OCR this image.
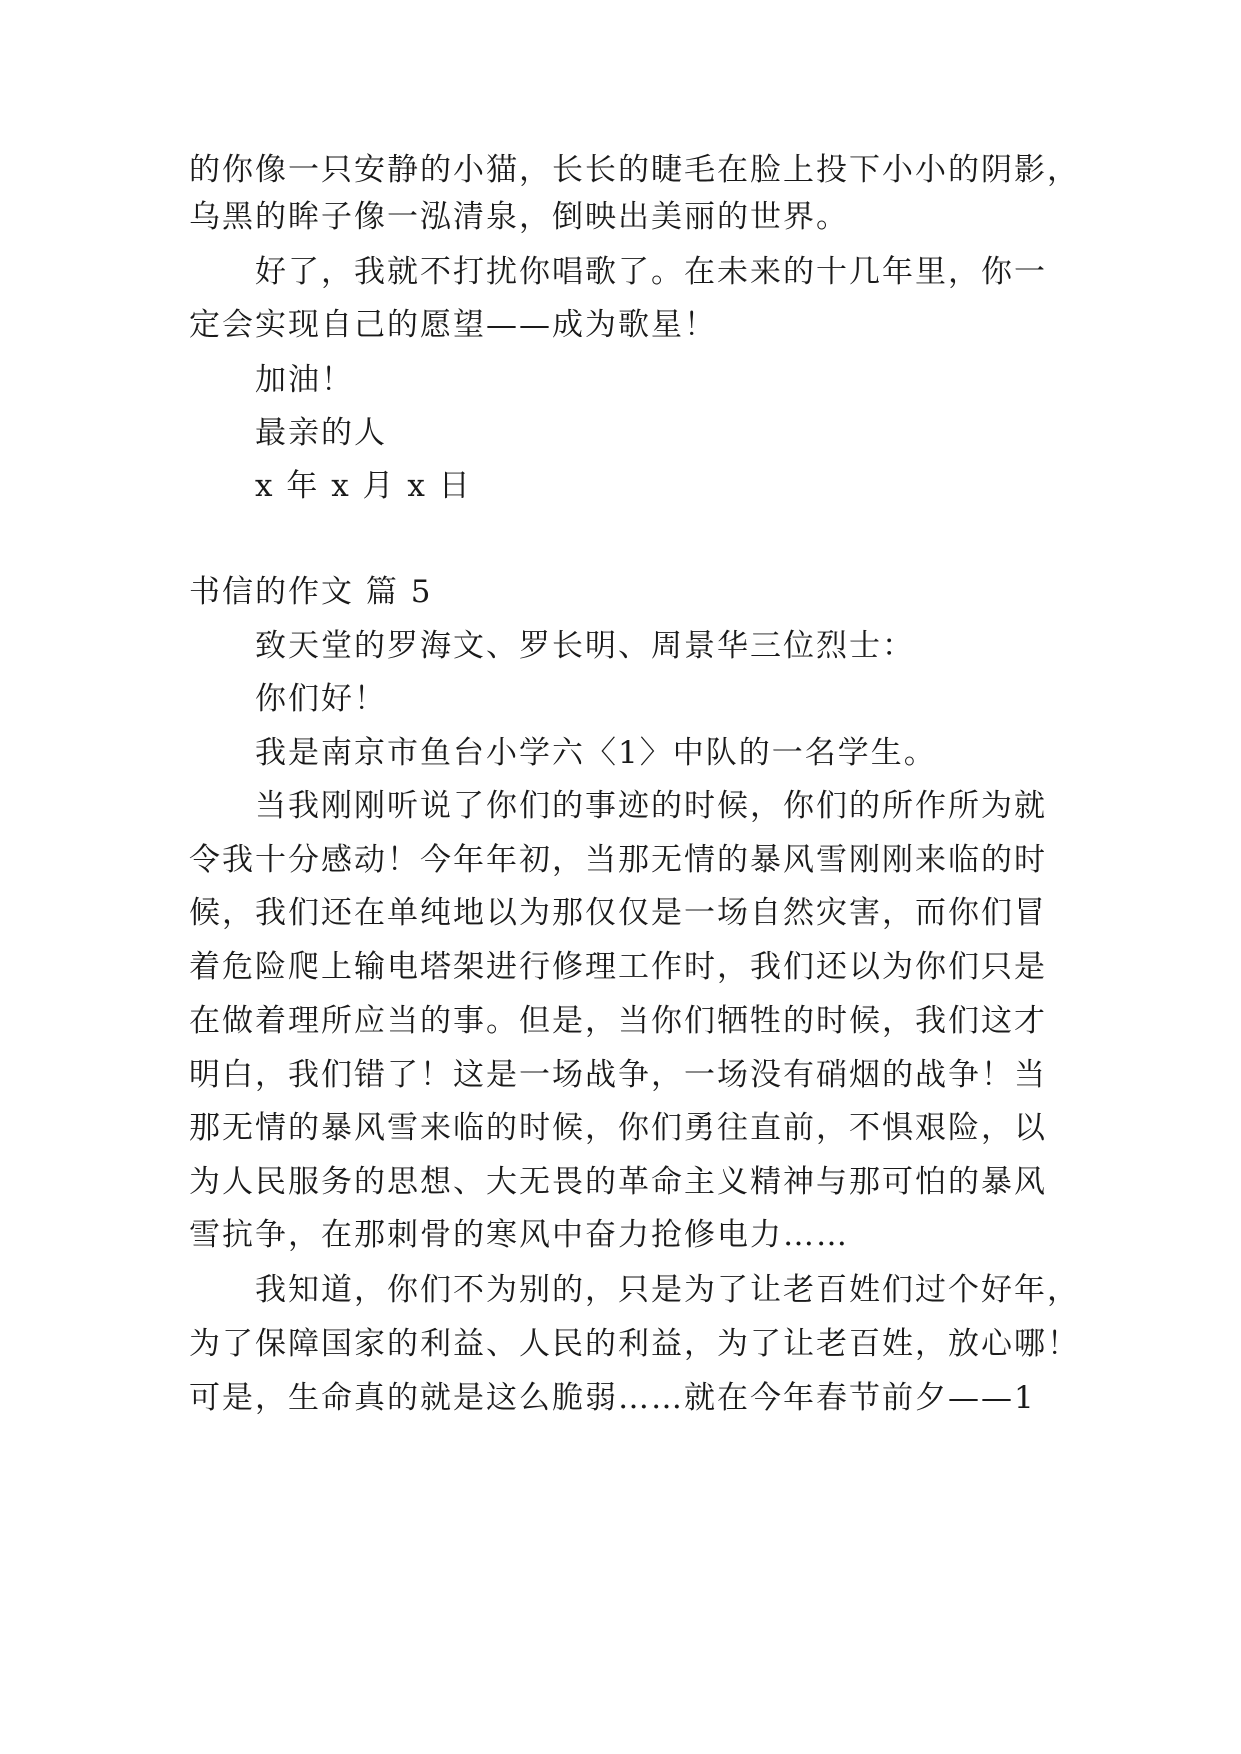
的你像一只安静的小猫，长长的睫毛在脸上投下小小的阴影，
乌黑的眸子像一泓清泉，倒映出美丽的世界。
好了，我就不打扰你唱歌了。在未来的十几年里，你一
定会实现自己的愿望——成为歌星！
加油！
最亲的人
x 年 x 月 x 日
书信的作文 篇 5
致天堂的罗海文、罗长明、周景华三位烈士：
你们好！
我是南京市鱼台小学六〈1〉中队的一名学生。
当我刚刚听说了你们的事迹的时候，你们的所作所为就
令我十分感动！今年年初，当那无情的暴风雪刚刚来临的时
候，我们还在单纯地以为那仅仅是一场自然灾害，而你们冒
着危险爬上输电塔架进行修理工作时，我们还以为你们只是
在做着理所应当的事。但是，当你们牺牲的时候，我们这才
明白，我们错了！这是一场战争，一场没有硝烟的战争！当
那无情的暴风雪来临的时候，你们勇往直前，不惧艰险，以
为人民服务的思想、大无畏的革命主义精神与那可怕的暴风
雪抗争，在那刺骨的寒风中奋力抢修电力……
我知道，你们不为别的，只是为了让老百姓们过个好年，
为了保障国家的利益、人民的利益，为了让老百姓，放心哪！
可是，生命真的就是这么脆弱……就在今年春节前夕——1
